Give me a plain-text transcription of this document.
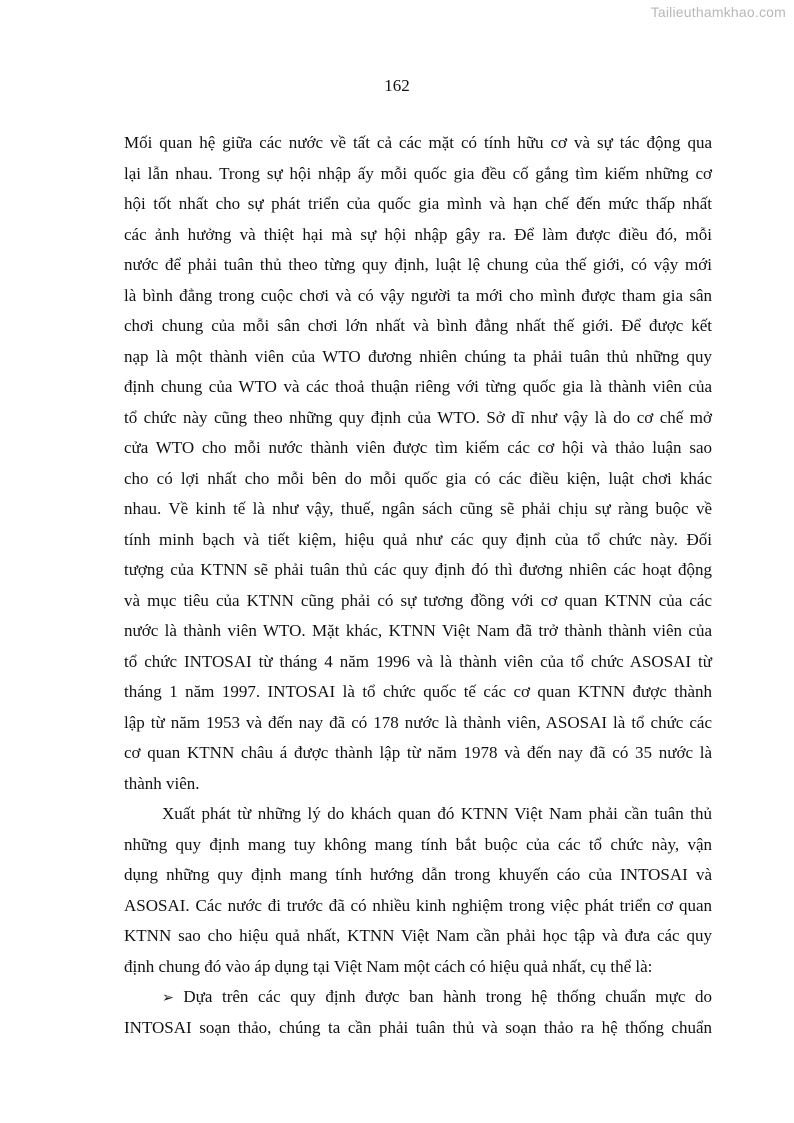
Tailieuthamkhao.com
162
Mối quan hệ giữa các nước về tất cả các mặt có tính hữu cơ và sự tác động qua
lại lẫn nhau. Trong sự hội nhập ấy mỗi quốc gia đều cố gắng tìm kiếm những cơ
hội tốt nhất cho sự phát triển của quốc gia mình và hạn chế đến mức thấp nhất
các ảnh hưởng và thiệt hại mà sự hội nhập gây ra. Để làm được điều đó, mỗi
nước để phải tuân thủ theo từng quy định, luật lệ chung của thế giới, có vậy mới
là bình đẳng trong cuộc chơi và có vậy người ta mới cho mình được tham gia sân
chơi chung của mỗi sân chơi lớn nhất và bình đẳng nhất thế giới. Để được kết
nạp là một thành viên của WTO đương nhiên chúng ta phải tuân thủ những quy
định chung của WTO và các thoả thuận riêng với từng quốc gia là thành viên của
tổ chức này cũng theo những quy định của WTO. Sở dĩ như vậy là do cơ chế mở
cửa WTO cho mỗi nước thành viên được tìm kiếm các cơ hội và thảo luận sao
cho có lợi nhất cho mỗi bên do mỗi quốc gia có các điều kiện, luật chơi khác
nhau. Về kinh tế là như vậy, thuế, ngân sách cũng sẽ phải chịu sự ràng buộc về
tính minh bạch và tiết kiệm, hiệu quả như các quy định của tổ chức này. Đối
tượng của KTNN sẽ phải tuân thủ các quy định đó thì đương nhiên các hoạt động
và mục tiêu của KTNN cũng phải có sự tương đồng với cơ quan KTNN của các
nước là thành viên WTO. Mặt khác, KTNN Việt Nam đã trở thành thành viên của
tổ chức INTOSAI từ tháng 4 năm 1996 và là thành viên của tổ chức ASOSAI từ
tháng 1 năm 1997. INTOSAI là tổ chức quốc tế các cơ quan KTNN được thành
lập từ năm 1953 và đến nay đã có 178 nước là thành viên, ASOSAI là tổ chức các
cơ quan KTNN châu á được thành lập từ năm 1978 và đến nay đã có 35 nước là
thành viên.
Xuất phát từ những lý do khách quan đó KTNN Việt Nam phải cần tuân thủ
những quy định mang tuy không mang tính bắt buộc của các tổ chức này, vận
dụng những quy định mang tính hướng dẫn trong khuyến cáo của INTOSAI và
ASOSAI. Các nước đi trước đã có nhiều kinh nghiệm trong việc phát triển cơ quan
KTNN sao cho hiệu quả nhất, KTNN Việt Nam cần phải học tập và đưa các quy
định chung đó vào áp dụng tại Việt Nam một cách có hiệu quả nhất, cụ thể là:
➢ Dựa trên các quy định được ban hành trong hệ thống chuẩn mực do
INTOSAI soạn thảo, chúng ta cần phải tuân thủ và soạn thảo ra hệ thống chuẩn
